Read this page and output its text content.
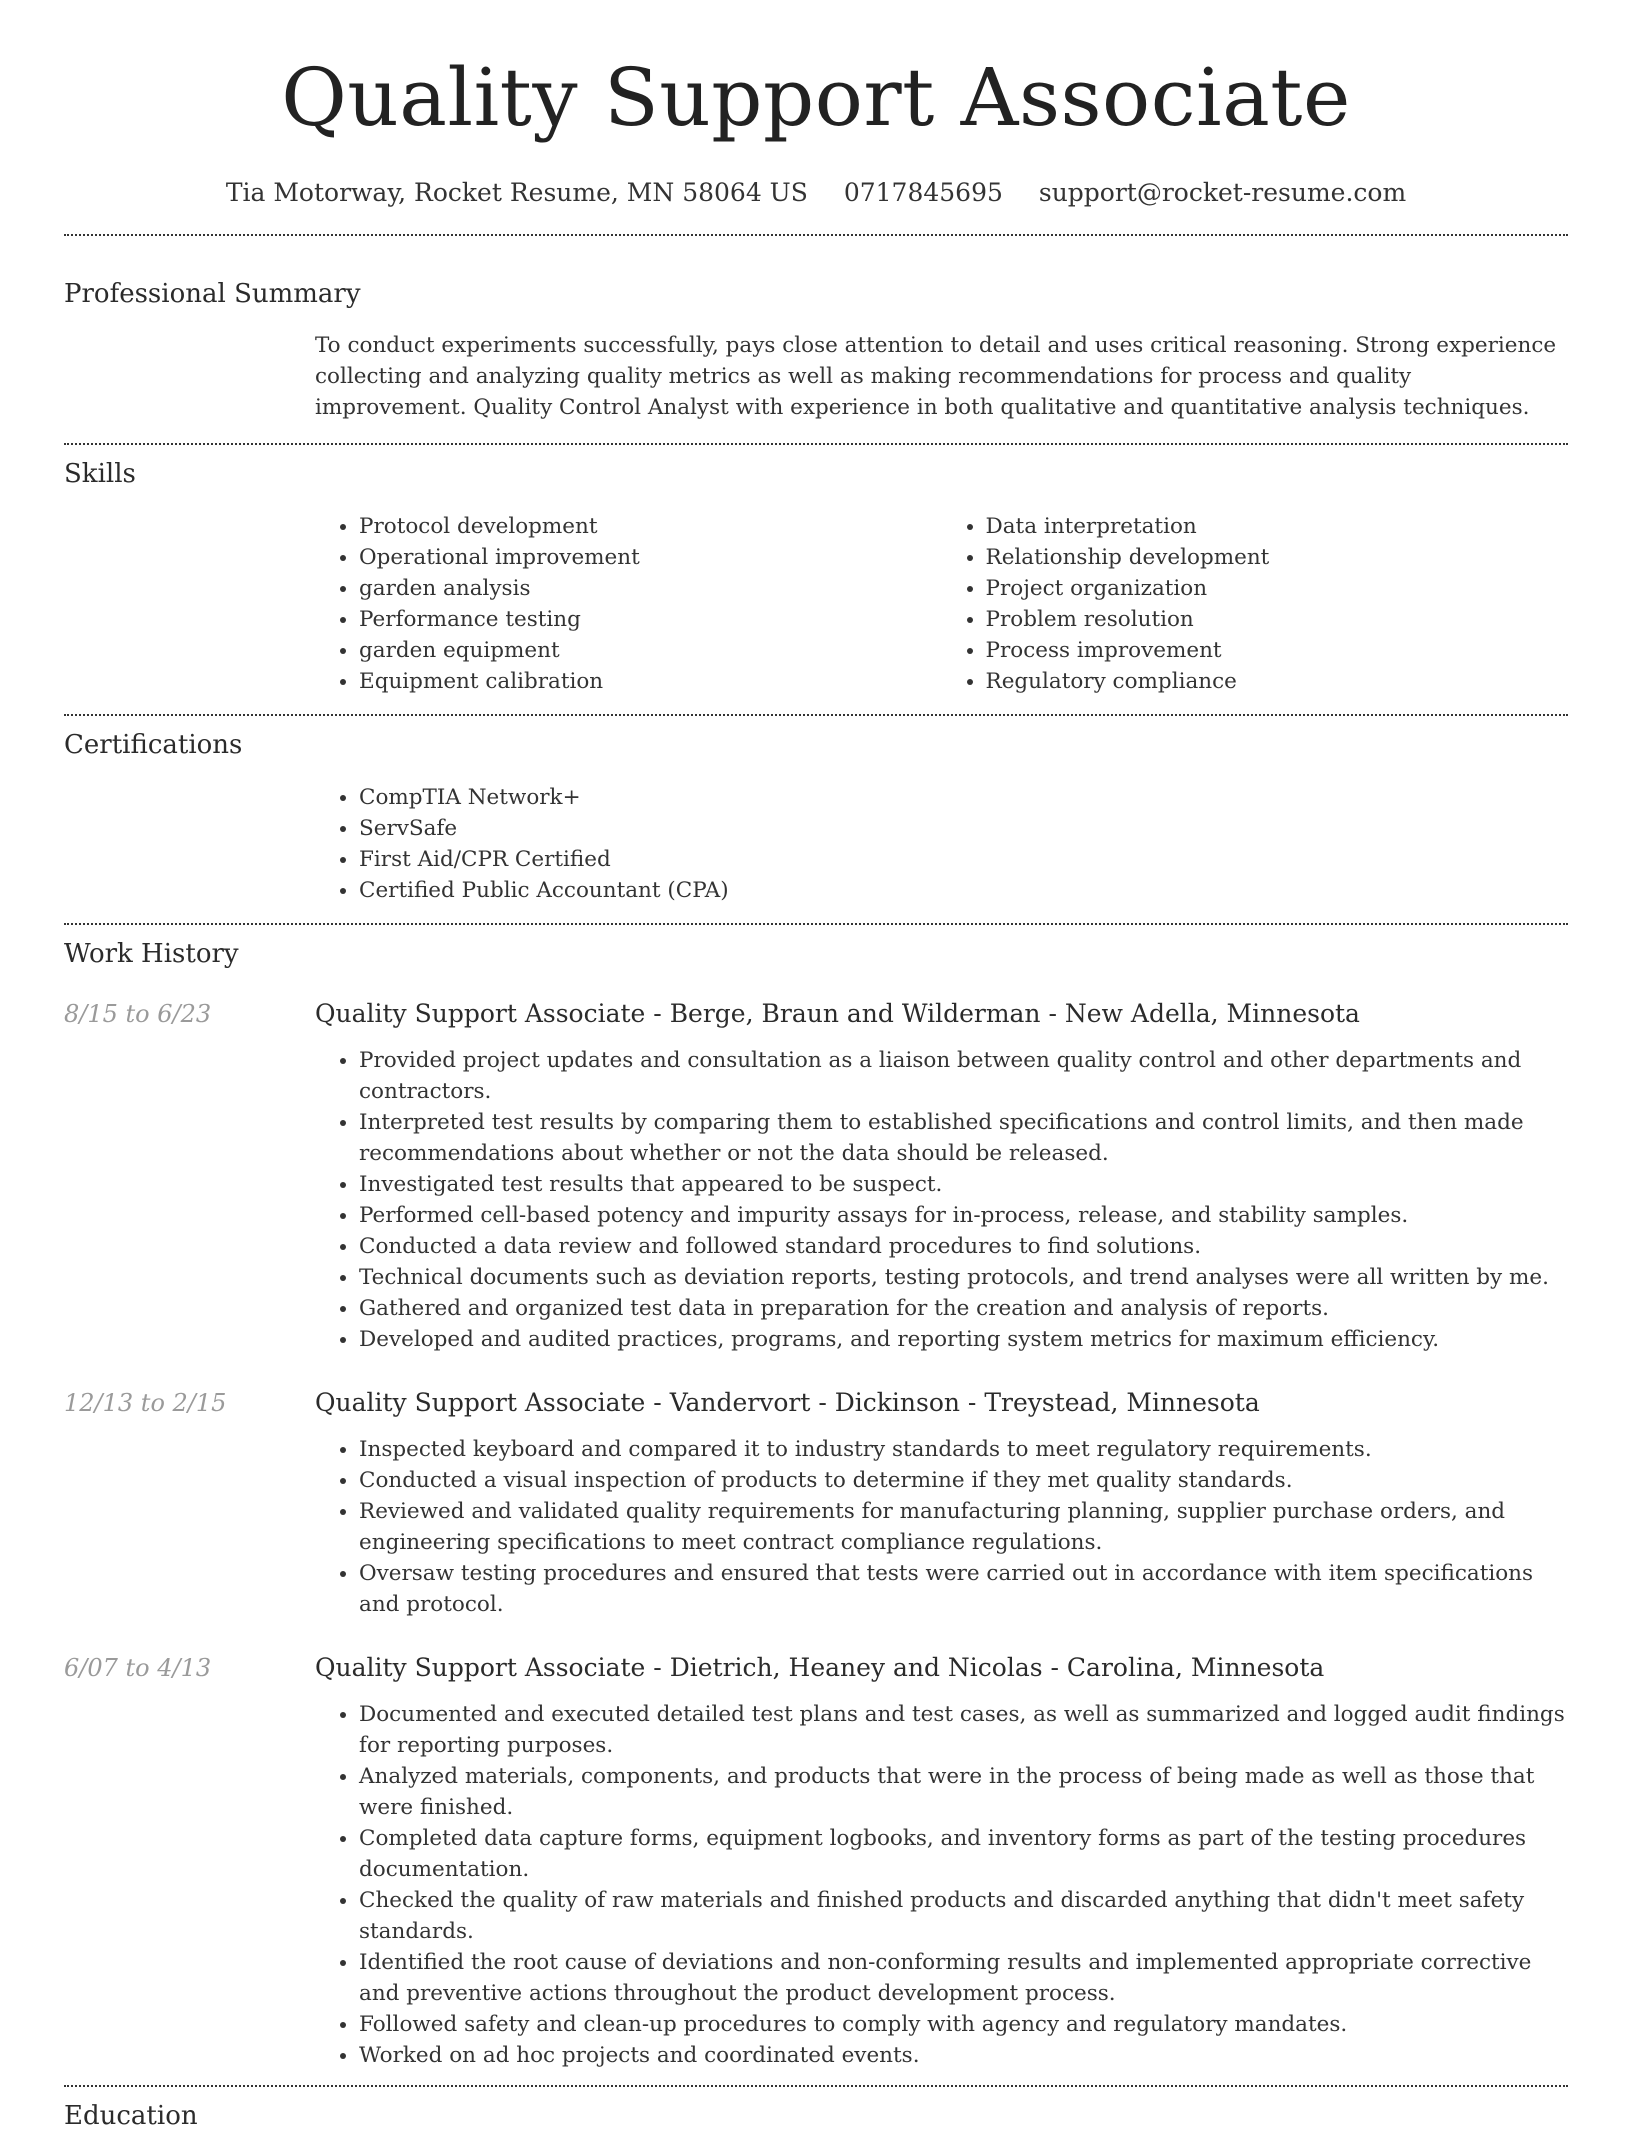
Quality Support Associate
Tia Motorway, Rocket Resume, MN 58064 US 0717845695 support@rocket-resume.com
Professional Summary

To conduct experiments successfully, pays close attention to detail and uses critical reasoning. Strong experience collecting and analyzing quality metrics as well as making recommendations for process and quality improvement. Quality Control Analyst with experience in both qualitative and quantitative analysis techniques.

Skills
• Protocol development
• Operational improvement
• garden analysis
• Performance testing
• garden equipment
• Equipment calibration
• Data interpretation
• Relationship development
• Project organization
• Problem resolution
• Process improvement
• Regulatory compliance
Certifications
• CompTIA Network+
• ServSafe
• First Aid/CPR Certified
• Certified Public Accountant (CPA)
Work History
8/15 to 6/23	Quality Support Associate - Berge, Braun and Wilderman - New Adella, Minnesota
• Provided project updates and consultation as a liaison between quality control and other departments and contractors.
• Interpreted test results by comparing them to established specifications and control limits, and then made recommendations about whether or not the data should be released.
• Investigated test results that appeared to be suspect.
• Performed cell-based potency and impurity assays for in-process, release, and stability samples.
• Conducted a data review and followed standard procedures to find solutions.
• Technical documents such as deviation reports, testing protocols, and trend analyses were all written by me.
• Gathered and organized test data in preparation for the creation and analysis of reports.
• Developed and audited practices, programs, and reporting system metrics for maximum efficiency.
12/13 to 2/15	Quality Support Associate - Vandervort - Dickinson - Treystead, Minnesota
• Inspected keyboard and compared it to industry standards to meet regulatory requirements.
• Conducted a visual inspection of products to determine if they met quality standards.
• Reviewed and validated quality requirements for manufacturing planning, supplier purchase orders, and engineering specifications to meet contract compliance regulations.
• Oversaw testing procedures and ensured that tests were carried out in accordance with item specifications and protocol.
6/07 to 4/13	Quality Support Associate - Dietrich, Heaney and Nicolas - Carolina, Minnesota
• Documented and executed detailed test plans and test cases, as well as summarized and logged audit findings for reporting purposes.
• Analyzed materials, components, and products that were in the process of being made as well as those that were finished.
• Completed data capture forms, equipment logbooks, and inventory forms as part of the testing procedures documentation.
• Checked the quality of raw materials and finished products and discarded anything that didn't meet safety standards.
• Identified the root cause of deviations and non-conforming results and implemented appropriate corrective and preventive actions throughout the product development process.
• Followed safety and clean-up procedures to comply with agency and regulatory mandates.
• Worked on ad hoc projects and coordinated events.
Education
